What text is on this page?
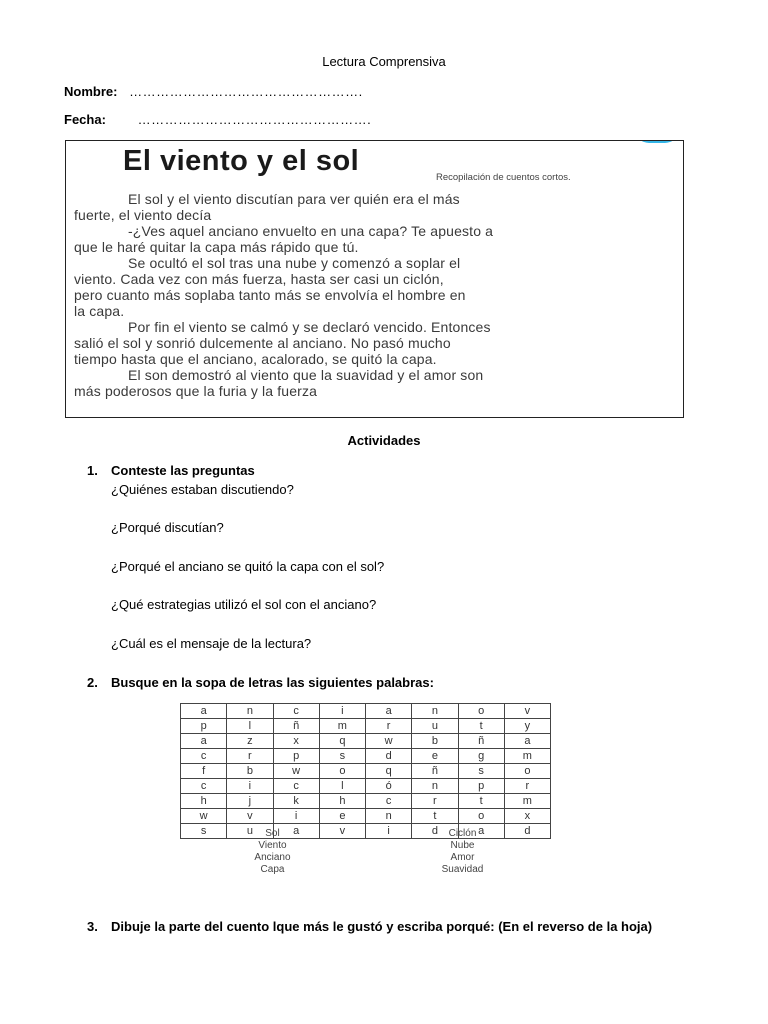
Lectura Comprensiva
Nombre: …………………………………………….
Fecha: …………………………………………….
El viento y el sol
Recopilación de cuentos cortos.
El sol y el viento discutían para ver quién era el más
fuerte, el viento decía
-¿Ves aquel anciano envuelto en una capa? Te apuesto a
que le haré quitar la capa más rápido que tú.
Se ocultó el sol tras una nube y comenzó a soplar el
viento. Cada vez con más fuerza, hasta ser casi un ciclón,
pero cuanto más soplaba tanto más se envolvía el hombre en
la capa.
Por fin el viento se calmó y se declaró vencido. Entonces
salió el sol y sonrió dulcemente al anciano. No pasó mucho
tiempo hasta que el anciano, acalorado, se quitó la capa.
El son demostró al viento que la suavidad y el amor son
más poderosos que la furia y la fuerza
Actividades
1. Conteste las preguntas
¿Quiénes estaban discutiendo?
¿Porqué discutían?
¿Porqué el anciano se quitó la capa con el sol?
¿Qué estrategias utilizó el sol con el anciano?
¿Cuál es el mensaje de la lectura?
2. Busque en la sopa de letras las siguientes palabras:
a	n	c	i	a	n	o	v
p	l	ñ	m	r	u	t	y
a	z	x	q	w	b	ñ	a
c	r	p	s	d	e	g	m
f	b	w	o	q	ñ	s	o
c	i	c	l	ó	n	p	r
h	j	k	h	c	r	t	m
w	v	i	e	n	t	o	x
s	u	a	v	i	d	a	d
Sol
Viento
Anciano
Capa
Ciclón
Nube
Amor
Suavidad
3. Dibuje la parte del cuento lque más le gustó y escriba porqué: (En el reverso de la hoja)
